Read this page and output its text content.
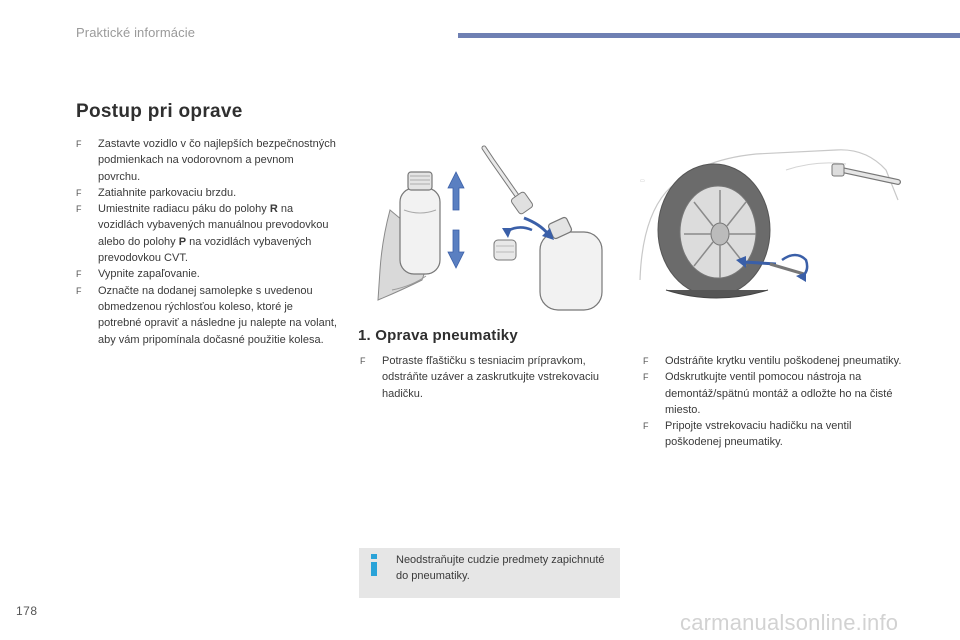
Praktické informácie
Postup pri oprave
F Zastavte vozidlo v čo najlepších bezpečnostných podmienkach na vodorovnom a pevnom povrchu.
F Zatiahnite parkovaciu brzdu.
F Umiestnite radiacu páku do polohy R na vozidlách vybavených manuálnou prevodovkou alebo do polohy P na vozidlách vybavených prevodovkou CVT.
F Vypnite zapaľovanie.
F Označte na dodanej samolepke s uvedenou obmedzenou rýchlosťou koleso, ktoré je potrebné opraviť a následne ju nalepte na volant, aby vám pripomínala dočasné použitie kolesa.
▭
1. Oprava pneumatiky
F Potraste fľaštičku s tesniacim prípravkom, odstráňte uzáver a zaskrutkujte vstrekovaciu hadičku.
F Odstráňte krytku ventilu poškodenej pneumatiky.
F Odskrutkujte ventil pomocou nástroja na demontáž/spätnú montáž a odložte ho na čisté miesto.
F Pripojte vstrekovaciu hadičku na ventil poškodenej pneumatiky.
Neodstraňujte cudzie predmety zapichnuté do pneumatiky.
178	carmanualsonline.info
